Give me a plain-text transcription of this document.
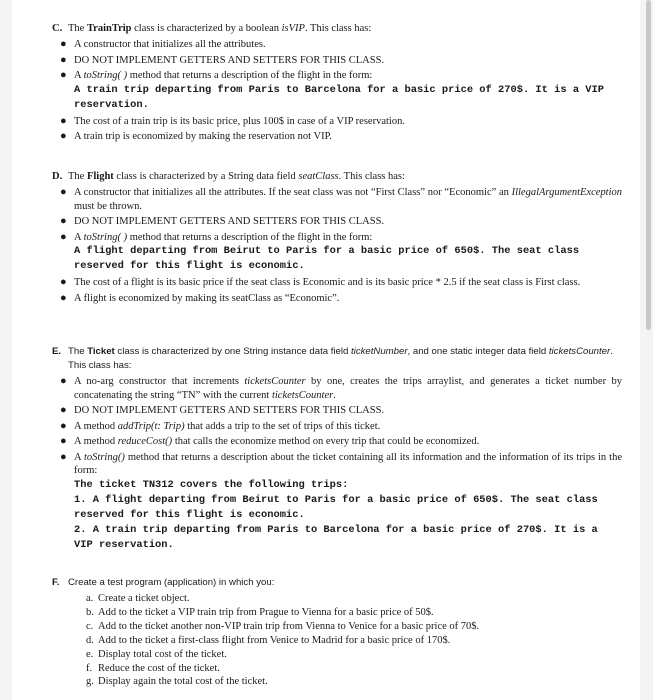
C. The TrainTrip class is characterized by a boolean isVIP. This class has:
● A constructor that initializes all the attributes.
● DO NOT IMPLEMENT GETTERS AND SETTERS FOR THIS CLASS.
● A toString( ) method that returns a description of the flight in the form:
A train trip departing from Paris to Barcelona for a basic price of 270$. It is a VIP reservation.
● The cost of a train trip is its basic price, plus 100$ in case of a VIP reservation.
● A train trip is economized by making the reservation not VIP.
D. The Flight class is characterized by a String data field seatClass. This class has:
● A constructor that initializes all the attributes. If the seat class was not “First Class” nor “Economic” an IllegalArgumentException must be thrown.
● DO NOT IMPLEMENT GETTERS AND SETTERS FOR THIS CLASS.
● A toString( ) method that returns a description of the flight in the form:
A flight departing from Beirut to Paris for a basic price of 650$. The seat class reserved for this flight is economic.
● The cost of a flight is its basic price if the seat class is Economic and is its basic price * 2.5 if the seat class is First class.
● A flight is economized by making its seatClass as “Economic”.
E. The Ticket class is characterized by one String instance data field ticketNumber, and one static integer data field ticketsCounter. This class has:
● A no-arg constructor that increments ticketsCounter by one, creates the trips arraylist, and generates a ticket number by concatenating the string “TN” with the current ticketsCounter.
● DO NOT IMPLEMENT GETTERS AND SETTERS FOR THIS CLASS.
● A method addTrip(t: Trip) that adds a trip to the set of trips of this ticket.
● A method reduceCost() that calls the economize method on every trip that could be economized.
● A toString() method that returns a description about the ticket containing all its information and the information of its trips in the form:
The ticket TN312 covers the following trips:
1. A flight departing from Beirut to Paris for a basic price of 650$. The seat class reserved for this flight is economic.
2. A train trip departing from Paris to Barcelona for a basic price of 270$. It is a VIP reservation.
F. Create a test program (application) in which you:
a. Create a ticket object.
b. Add to the ticket a VIP train trip from Prague to Vienna for a basic price of 50$.
c. Add to the ticket another non-VIP train trip from Vienna to Venice for a basic price of 70$.
d. Add to the ticket a first-class flight from Venice to Madrid for a basic price of 170$.
e. Display total cost of the ticket.
f. Reduce the cost of the ticket.
g. Display again the total cost of the ticket.
